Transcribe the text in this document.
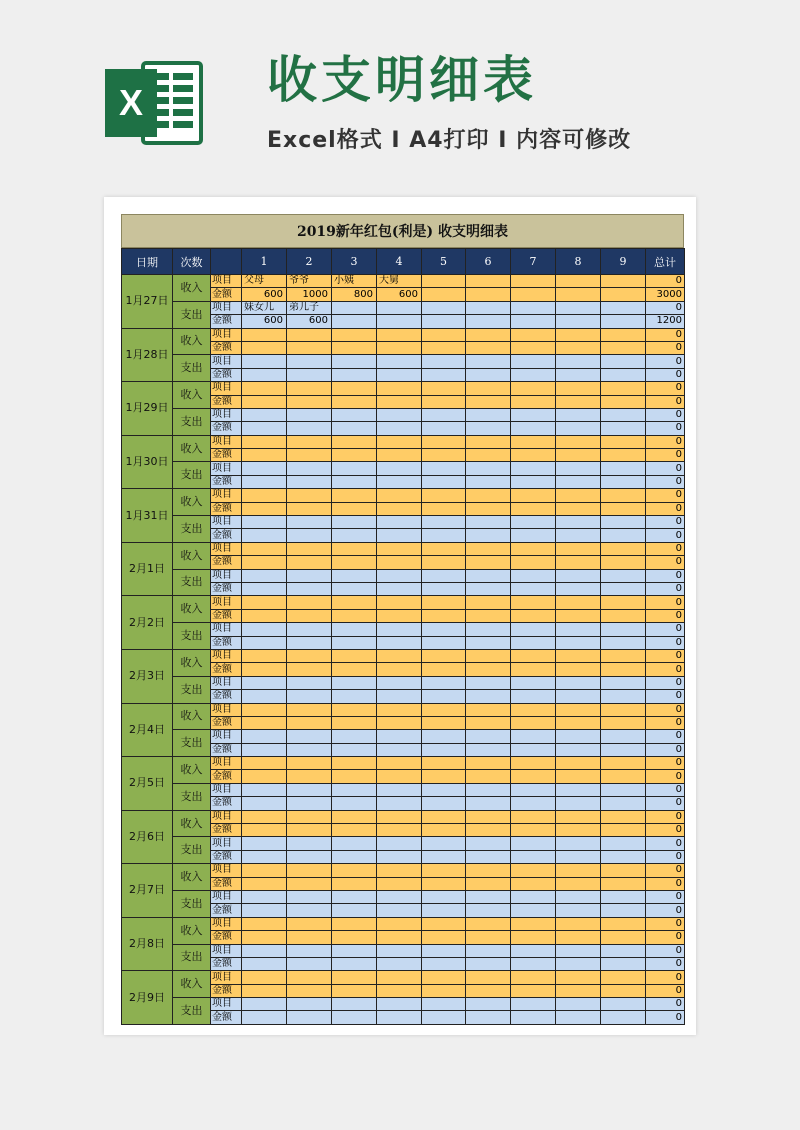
X 收支明细表
Excel格式 Ⅰ A4打印 Ⅰ 内容可修改
2019新年红包(利是) 收支明细表
日期	次数		1	2	3	4	5	6	7	8	9	总计
1月27日	收入	项目	父母	爷爷	小姨	大舅						0
		金额	600	1000	800	600						3000
	支出	项目	妹女儿	弟儿子								0
		金额	600	600								1200
1月28日	收入	项目										0
		金额										0
	支出	项目										0
		金额										0
1月29日	收入	项目										0
		金额										0
	支出	项目										0
		金额										0
1月30日	收入	项目										0
		金额										0
	支出	项目										0
		金额										0
1月31日	收入	项目										0
		金额										0
	支出	项目										0
		金额										0
2月1日	收入	项目										0
		金额										0
	支出	项目										0
		金额										0
2月2日	收入	项目										0
		金额										0
	支出	项目										0
		金额										0
2月3日	收入	项目										0
		金额										0
	支出	项目										0
		金额										0
2月4日	收入	项目										0
		金额										0
	支出	项目										0
		金额										0
2月5日	收入	项目										0
		金额										0
	支出	项目										0
		金额										0
2月6日	收入	项目										0
		金额										0
	支出	项目										0
		金额										0
2月7日	收入	项目										0
		金额										0
	支出	项目										0
		金额										0
2月8日	收入	项目										0
		金额										0
	支出	项目										0
		金额										0
2月9日	收入	项目										0
		金额										0
	支出	项目										0
		金额										0
